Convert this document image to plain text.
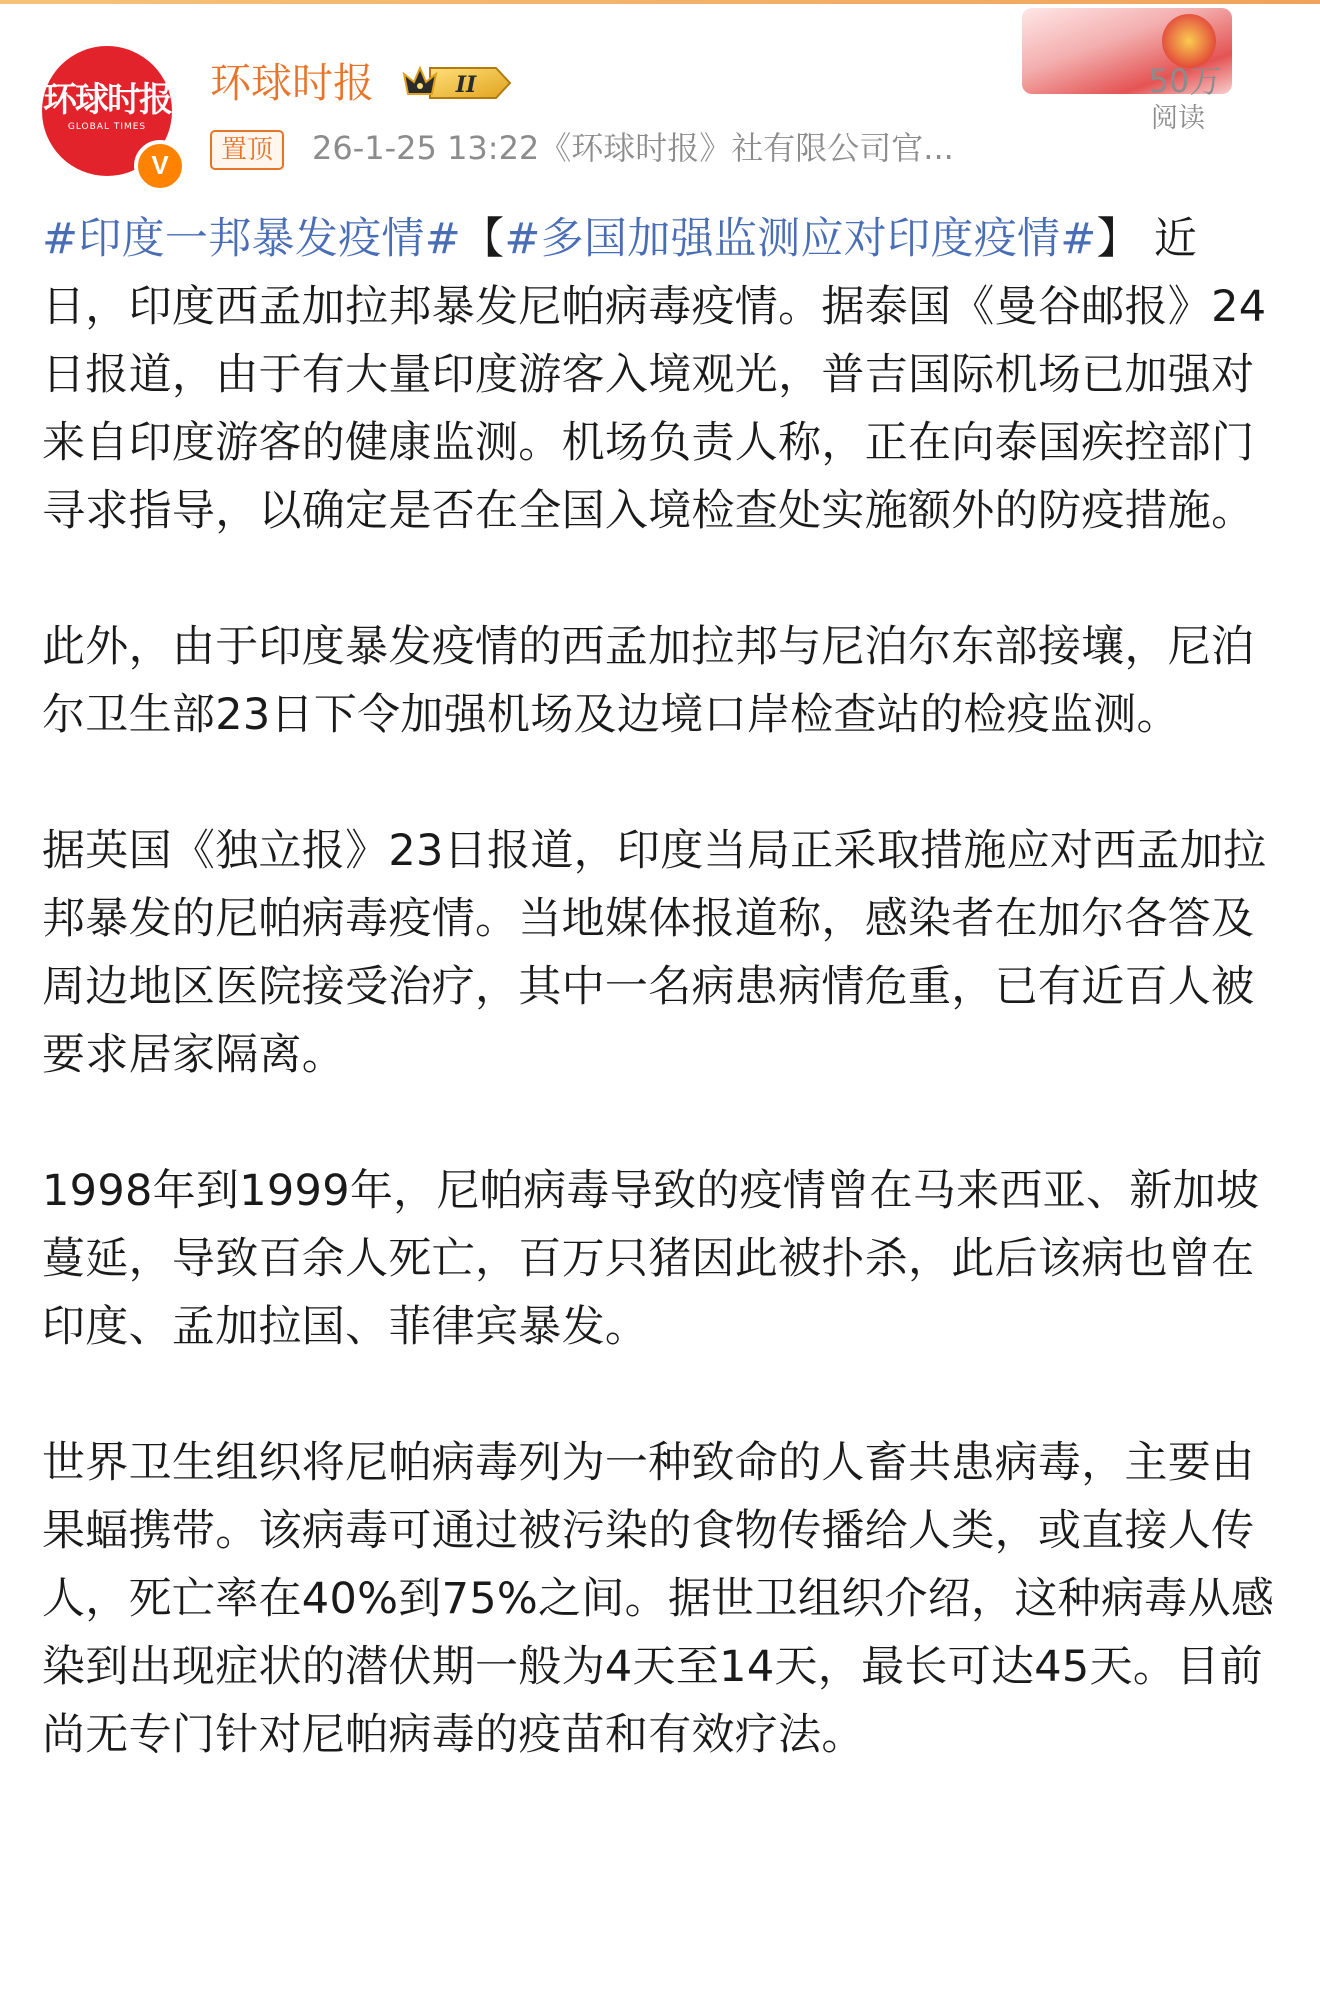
环球时报
GLOBAL TIMES
V
环球时报	II
置顶	26-1-25 13:22《环球时报》社有限公司官...
50万
阅读

#印度一邦暴发疫情#【#多国加强监测应对印度疫情#】 近日，印度西孟加拉邦暴发尼帕病毒疫情。据泰国《曼谷邮报》24日报道，由于有大量印度游客入境观光，普吉国际机场已加强对来自印度游客的健康监测。机场负责人称，正在向泰国疾控部门寻求指导，以确定是否在全国入境检查处实施额外的防疫措施。

此外，由于印度暴发疫情的西孟加拉邦与尼泊尔东部接壤，尼泊尔卫生部23日下令加强机场及边境口岸检查站的检疫监测。

据英国《独立报》23日报道，印度当局正采取措施应对西孟加拉邦暴发的尼帕病毒疫情。当地媒体报道称，感染者在加尔各答及周边地区医院接受治疗，其中一名病患病情危重，已有近百人被要求居家隔离。

1998年到1999年，尼帕病毒导致的疫情曾在马来西亚、新加坡蔓延，导致百余人死亡，百万只猪因此被扑杀，此后该病也曾在印度、孟加拉国、菲律宾暴发。

世界卫生组织将尼帕病毒列为一种致命的人畜共患病毒，主要由果蝠携带。该病毒可通过被污染的食物传播给人类，或直接人传人，死亡率在40%到75%之间。据世卫组织介绍，这种病毒从感染到出现症状的潜伏期一般为4天至14天，最长可达45天。目前尚无专门针对尼帕病毒的疫苗和有效疗法。
